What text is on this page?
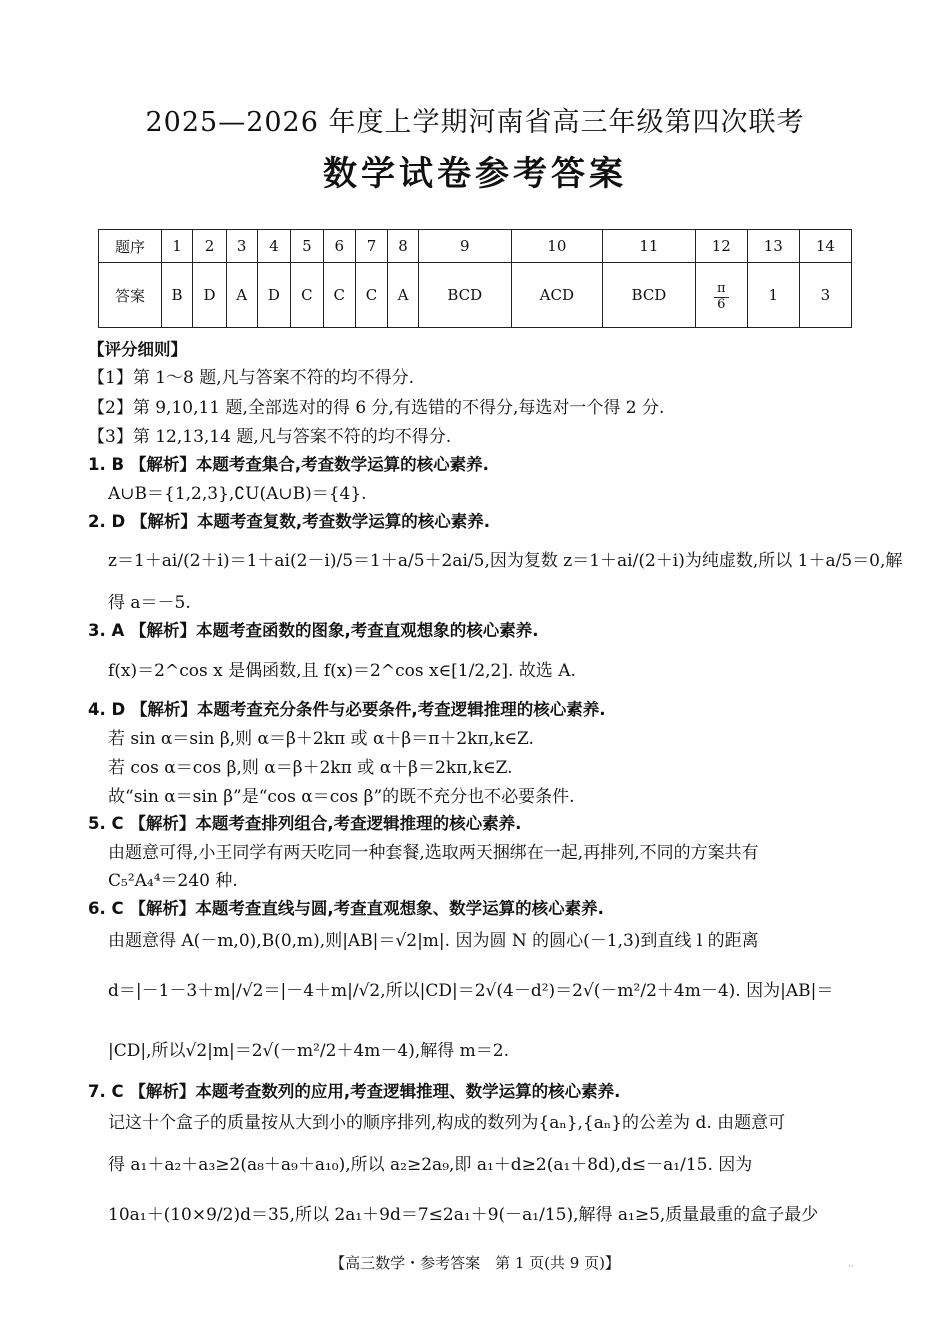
2025—2026 年度上学期河南省高三年级第四次联考
数学试卷参考答案
题序	1	2	3	4	5	6	7	8	9	10	11	12	13	14
答案	B	D	A	D	C	C	C	A	BCD	ACD	BCD	$\frac{\pi}{6}$	1	3
【评分细则】
【1】第 1～8 题,凡与答案不符的均不得分.
【2】第 9,10,11 题,全部选对的得 6 分,有选错的不得分,每选对一个得 2 分.
【3】第 12,13,14 题,凡与答案不符的均不得分.
1. B 【解析】本题考查集合,考查数学运算的核心素养.
A∪B＝{1,2,3},∁U(A∪B)＝{4}.
2. D 【解析】本题考查复数,考查数学运算的核心素养.
z＝1＋ai/(2＋i)＝1＋ai(2－i)/5＝1＋a/5＋2ai/5,因为复数 z＝1＋ai/(2＋i)为纯虚数,所以 1＋a/5＝0,解
得 a＝－5.
3. A 【解析】本题考查函数的图象,考查直观想象的核心素养.
f(x)＝2^cos x 是偶函数,且 f(x)＝2^cos x∈[1/2,2]. 故选 A.
4. D 【解析】本题考查充分条件与必要条件,考查逻辑推理的核心素养.
若 sin α＝sin β,则 α＝β＋2kπ 或 α＋β＝π＋2kπ,k∈Z.
若 cos α＝cos β,则 α＝β＋2kπ 或 α＋β＝2kπ,k∈Z.
故“sin α＝sin β”是“cos α＝cos β”的既不充分也不必要条件.
5. C 【解析】本题考查排列组合,考查逻辑推理的核心素养.
由题意可得,小王同学有两天吃同一种套餐,选取两天捆绑在一起,再排列,不同的方案共有
C₅²A₄⁴＝240 种.
6. C 【解析】本题考查直线与圆,考查直观想象、数学运算的核心素养.
由题意得 A(－m,0),B(0,m),则|AB|＝√2|m|. 因为圆 N 的圆心(－1,3)到直线 l 的距离
d＝|－1－3＋m|/√2＝|－4＋m|/√2,所以|CD|＝2√(4－d²)＝2√(－m²/2＋4m－4). 因为|AB|＝
|CD|,所以√2|m|＝2√(－m²/2＋4m－4),解得 m＝2.
7. C 【解析】本题考查数列的应用,考查逻辑推理、数学运算的核心素养.
记这十个盒子的质量按从大到小的顺序排列,构成的数列为{aₙ},{aₙ}的公差为 d. 由题意可
得 a₁＋a₂＋a₃≥2(a₈＋a₉＋a₁₀),所以 a₂≥2a₉,即 a₁＋d≥2(a₁＋8d),d≤－a₁/15. 因为
10a₁＋(10×9/2)d＝35,所以 2a₁＋9d＝7≤2a₁＋9(－a₁/15),解得 a₁≥5,质量最重的盒子最少
【高三数学・参考答案　第 1 页(共 9 页)】	··
